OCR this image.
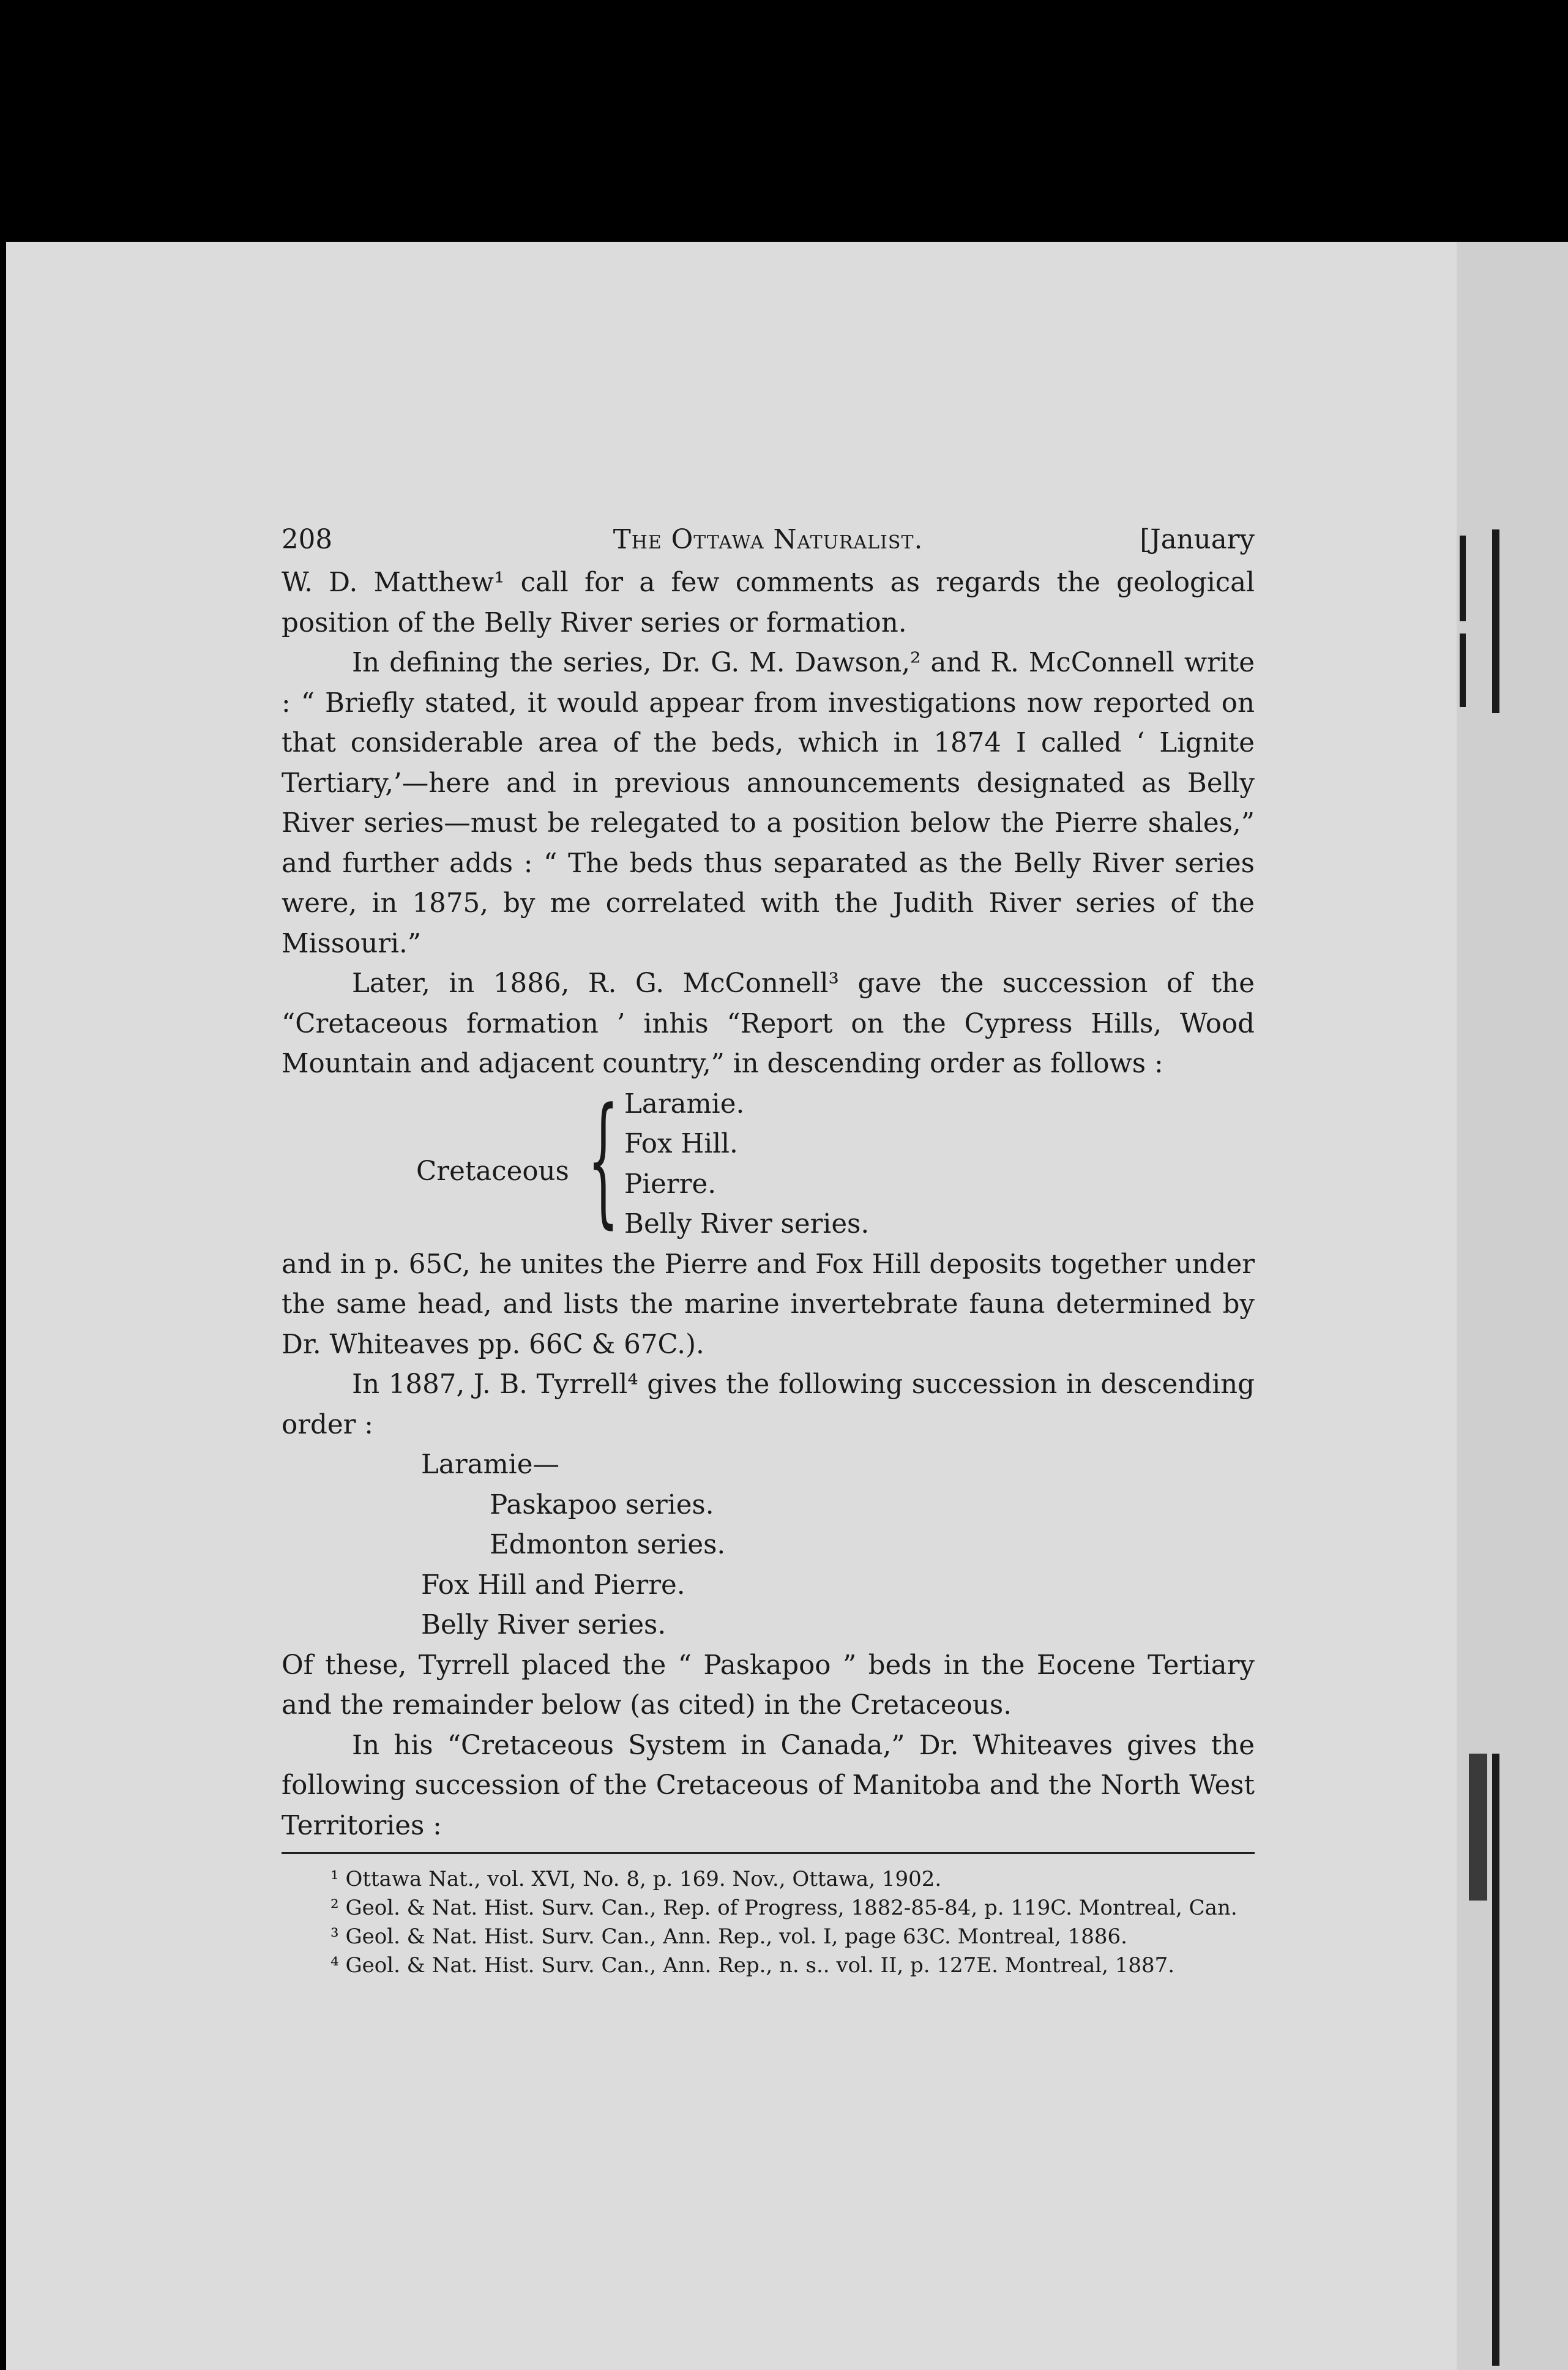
208	The Ottawa Naturalist.	[January

W. D. Matthew¹ call for a few comments as regards the geological position of the Belly River series or formation.

In defining the series, Dr. G. M. Dawson,² and R. McConnell write : “ Briefly stated, it would appear from investigations now reported on that considerable area of the beds, which in 1874 I called ‘ Lignite Tertiary,’—here and in previous announcements designated as Belly River series—must be relegated to a position below the Pierre shales,” and further adds : “ The beds thus separated as the Belly River series were, in 1875, by me correlated with the Judith River series of the Missouri.”

Later, in 1886, R. G. McConnell³ gave the succession of the “Cretaceous formation ’ inhis “Report on the Cypress Hills, Wood Mountain and adjacent country,” in descending order as follows :

Cretaceous { Laramie.
Fox Hill.
Pierre.
Belly River series.

and in p. 65C, he unites the Pierre and Fox Hill deposits together under the same head, and lists the marine invertebrate fauna determined by Dr. Whiteaves pp. 66C & 67C.).

In 1887, J. B. Tyrrell⁴ gives the following succession in descending order :

Laramie—
Paskapoo series.
Edmonton series.
Fox Hill and Pierre.
Belly River series.

Of these, Tyrrell placed the “ Paskapoo ” beds in the Eocene Tertiary and the remainder below (as cited) in the Cretaceous.

In his “Cretaceous System in Canada,” Dr. Whiteaves gives the following succession of the Cretaceous of Manitoba and the North West Territories :

¹ Ottawa Nat., vol. XVI, No. 8, p. 169. Nov., Ottawa, 1902.

² Geol. & Nat. Hist. Surv. Can., Rep. of Progress, 1882-85-84, p. 119C. Montreal, Can.

³ Geol. & Nat. Hist. Surv. Can., Ann. Rep., vol. I, page 63C. Montreal, 1886.

⁴ Geol. & Nat. Hist. Surv. Can., Ann. Rep., n. s.. vol. II, p. 127E. Montreal, 1887.
